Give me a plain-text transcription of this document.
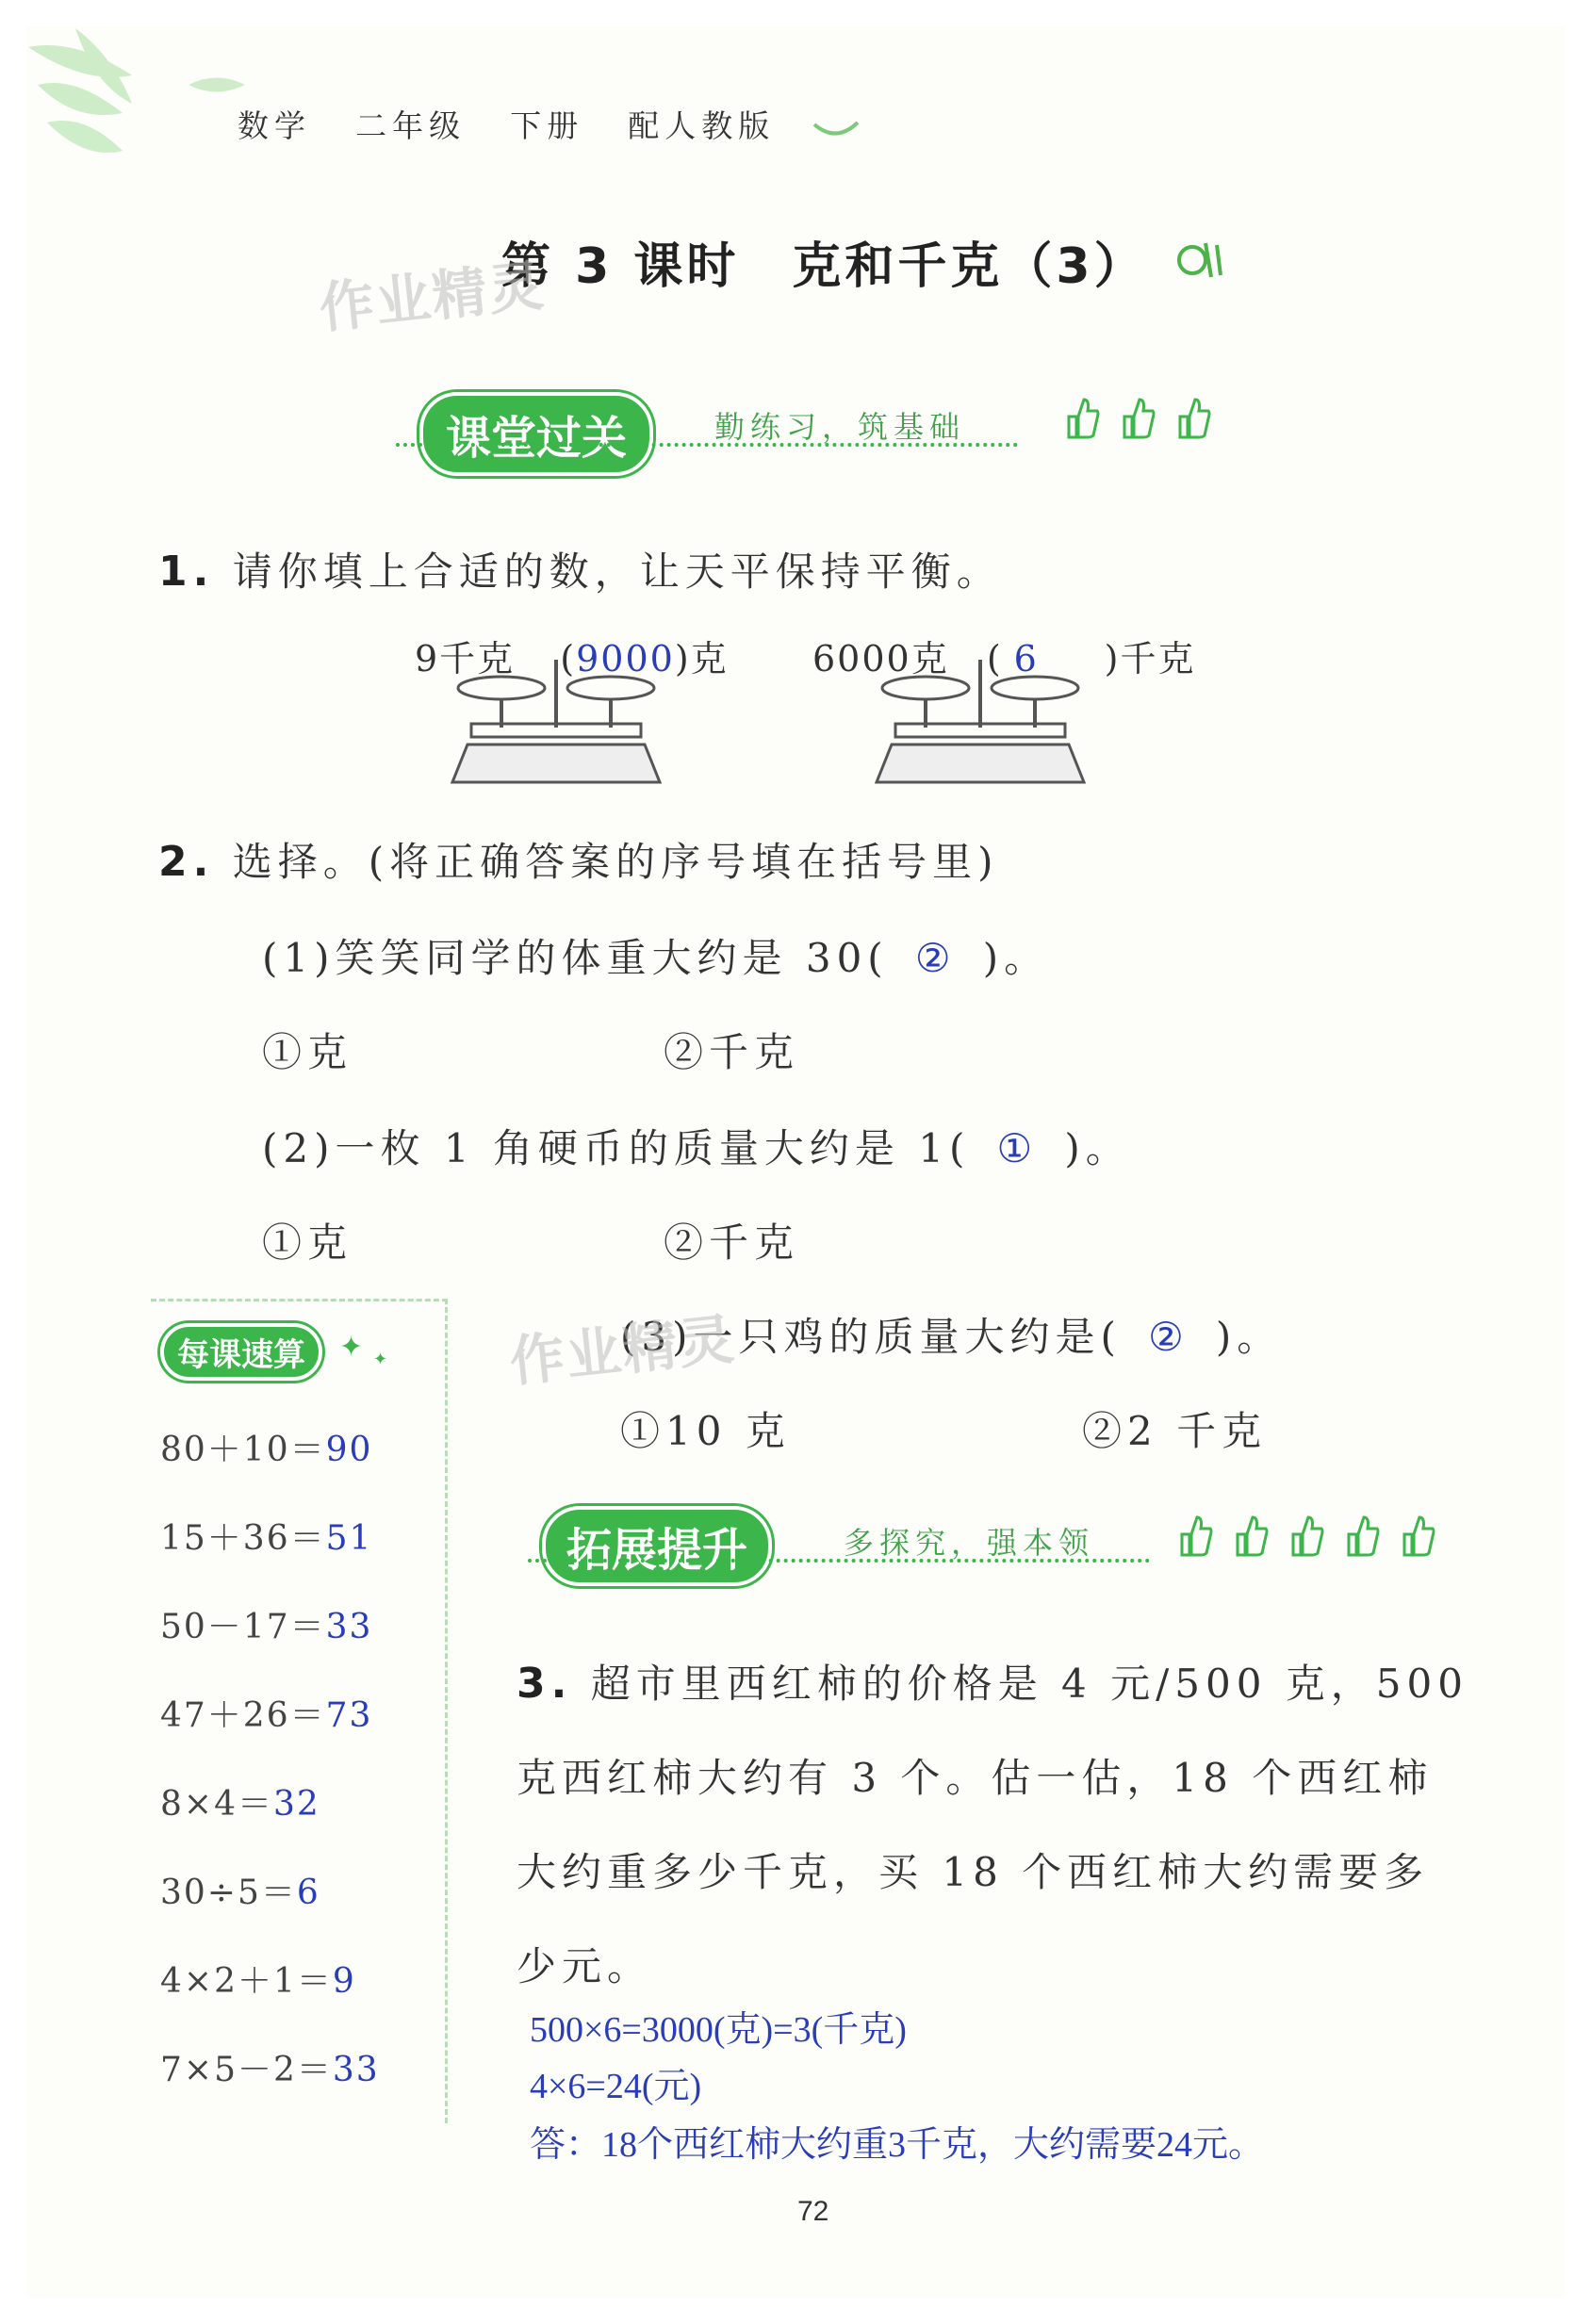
数学 二年级 下册 配人教版
第 3 课时　克和千克（3）
作业精灵
课堂过关	勤练习，筑基础

1. 请你填上合适的数，让天平保持平衡。
9千克 (9000)克 6000克 ( 6 )千克
2. 选择。(将正确答案的序号填在括号里)
(1)笑笑同学的体重大约是 30( ② )。
①克	②千克
(2)一枚 1 角硬币的质量大约是 1( ① )。
①克	②千克
(3)一只鸡的质量大约是( ② )。
作业精灵
①10 克	②2 千克
每课速算	✦ ✦
80＋10＝90
15＋36＝51
50－17＝33
47＋26＝73
8×4＝32
30÷5＝6
4×2＋1＝9
7×5－2＝33
拓展提升	多探究，强本领

3. 超市里西红柿的价格是 4 元/500 克，500
克西红柿大约有 3 个。估一估，18 个西红柿
大约重多少千克，买 18 个西红柿大约需要多
少元。
500×6=3000(克)=3(千克)
4×6=24(元)
答：18个西红柿大约重3千克，大约需要24元。
72
